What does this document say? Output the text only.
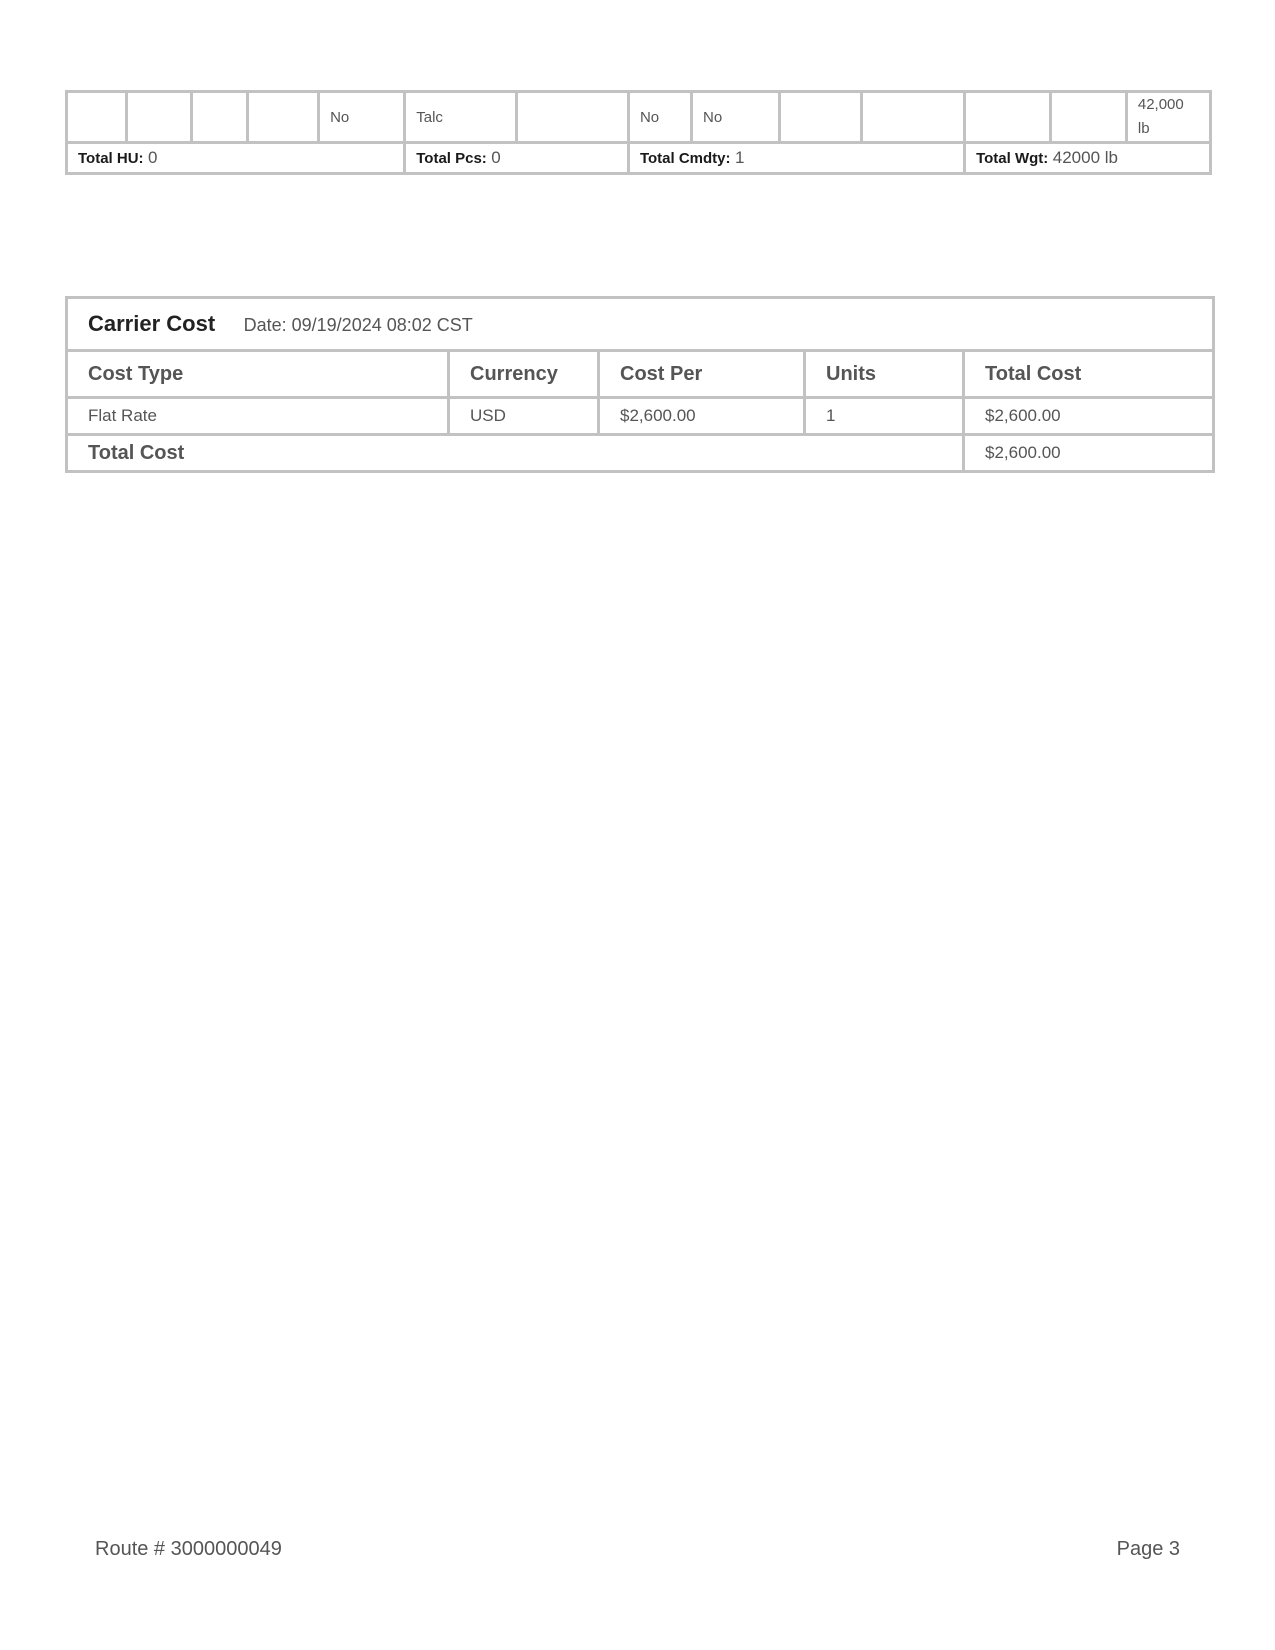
				No	Talc		No	No					42,000 lb
Total HU: 0					Total Pcs: 0		Total Cmdty: 1				Total Wgt: 42000 lb		
Carrier Cost Date: 09/19/2024 08:02 CST				
Cost Type	Currency	Cost Per	Units	Total Cost
Flat Rate	USD	$2,600.00	1	$2,600.00
Total Cost				$2,600.00
Route # 3000000049	Page 3
